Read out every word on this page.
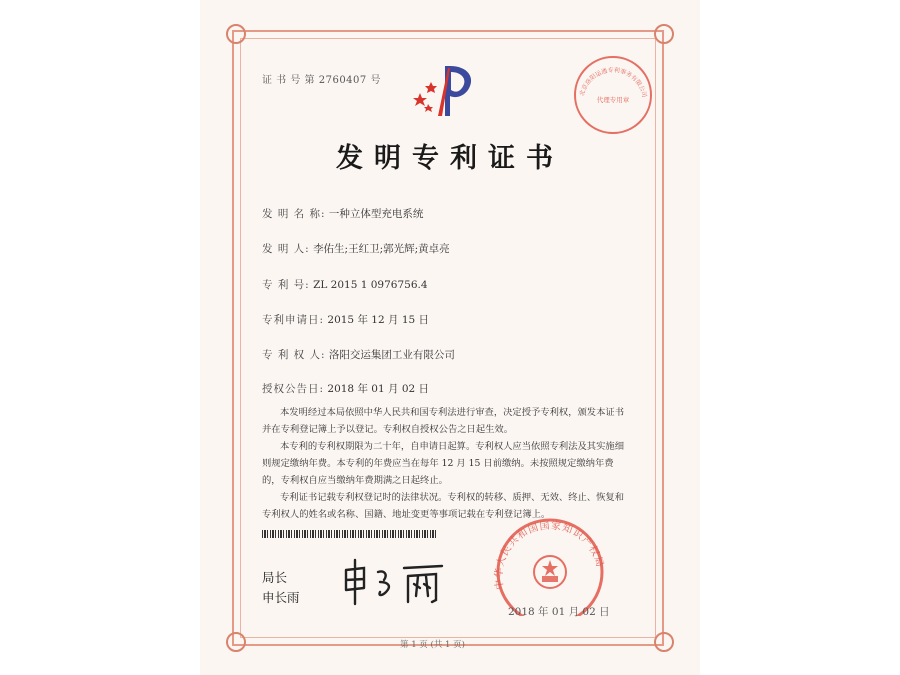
证 书 号 第 2760407 号
发明专利证书
发 明 名 称: 一种立体型充电系统
发 明 人: 李佑生;王红卫;郭光辉;黄卓亮
专 利 号: ZL 2015 1 0976756.4
专利申请日: 2015 年 12 月 15 日
专 利 权 人: 洛阳交运集团工业有限公司
授权公告日: 2018 年 01 月 02 日

本发明经过本局依照中华人民共和国专利法进行审查，决定授予专利权，颁发本证书并在专利登记簿上予以登记。专利权自授权公告之日起生效。

本专利的专利权期限为二十年，自申请日起算。专利权人应当依照专利法及其实施细则规定缴纳年费。本专利的年费应当在每年 12 月 15 日前缴纳。未按照规定缴纳年费的，专利权自应当缴纳年费期满之日起终止。

专利证书记载专利权登记时的法律状况。专利权的转移、质押、无效、终止、恢复和专利权人的姓名或名称、国籍、地址变更等事项记载在专利登记簿上。

局长
申长雨
中华人民共和国国家知识产权局
2018 年 01 月 02 日
第 1 页 (共 1 页)
北京洛阳运通专利事务有限公司
代理专用章
